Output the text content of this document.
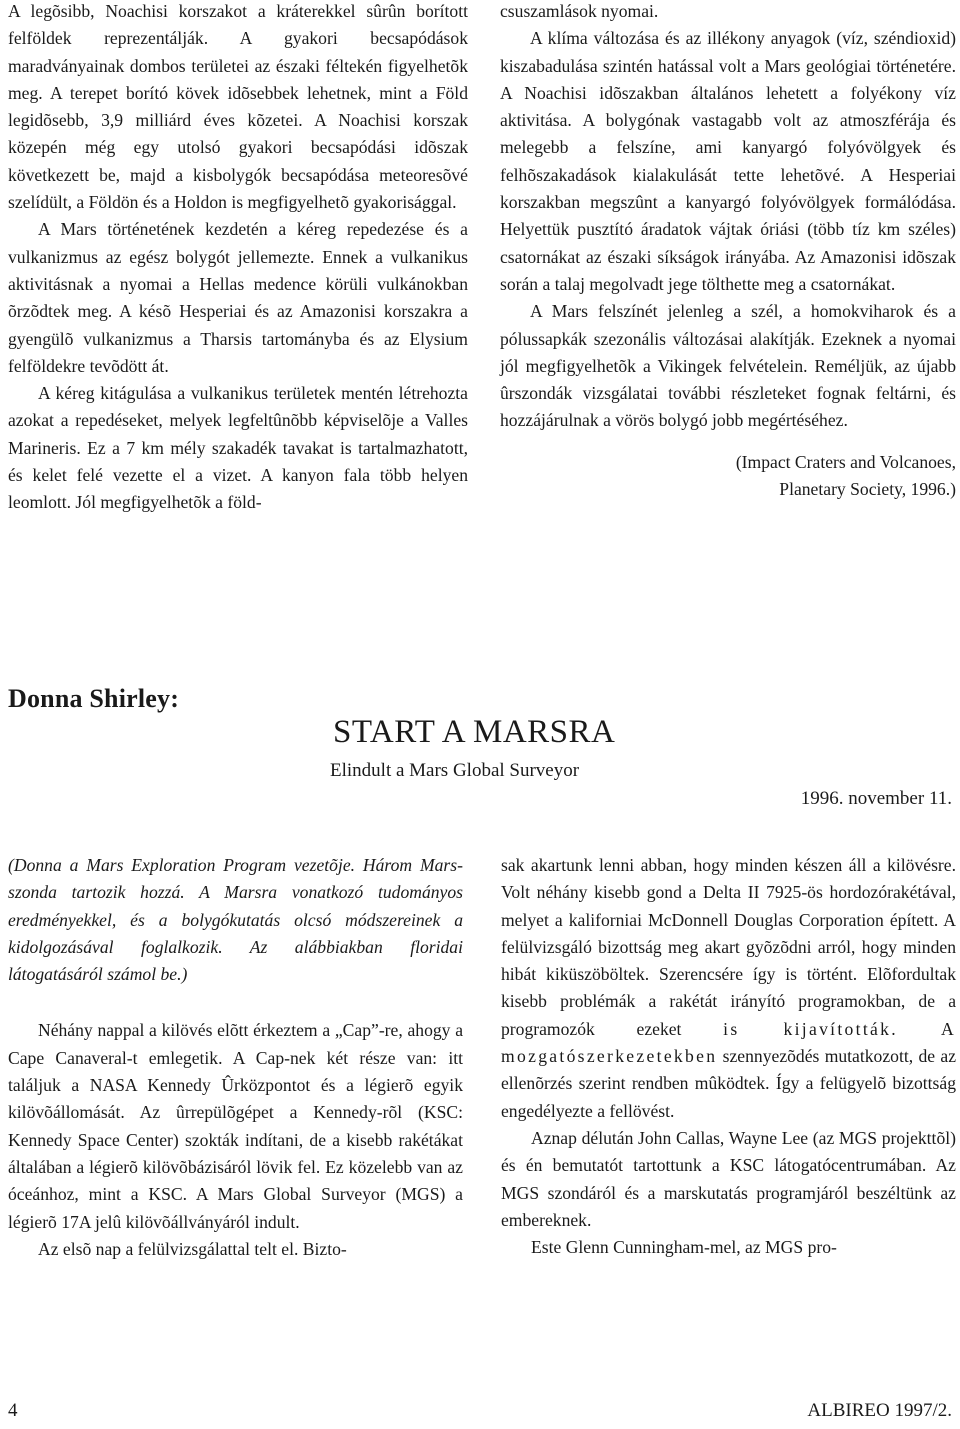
A legõsibb, Noachisi korszakot a kráterekkel sûrûn borított felföldek reprezentálják. A gyakori becsapódások maradványainak dombos területei az északi féltekén figyelhetõk meg. A terepet borító kövek idõsebbek lehetnek, mint a Föld legidõsebb, 3,9 milliárd éves kõzetei. A Noachisi korszak közepén még egy utolsó gyakori becsapódási idõszak következett be, majd a kisbolygók becsapódása meteoresõvé szelídült, a Földön és a Holdon is megfigyelhetõ gyakorisággal.

A Mars történetének kezdetén a kéreg repedezése és a vulkanizmus az egész bolygót jellemezte. Ennek a vulkanikus aktivitásnak a nyomai a Hellas medence körüli vulkánokban õrzõdtek meg. A késõ Hesperiai és az Amazonisi korszakra a gyengülõ vulkanizmus a Tharsis tartományba és az Elysium felföldekre tevõdött át.

A kéreg kitágulása a vulkanikus területek mentén létrehozta azokat a repedéseket, melyek legfeltûnõbb képviselõje a Valles Marineris. Ez a 7 km mély szakadék tavakat is tartalmazhatott, és kelet felé vezette el a vizet. A kanyon fala több helyen leomlott. Jól megfigyelhetõk a föld-

csuszamlások nyomai.

A klíma változása és az illékony anyagok (víz, széndioxid) kiszabadulása szintén hatással volt a Mars geológiai történetére. A Noachisi idõszakban általános lehetett a folyékony víz aktivitása. A bolygónak vastagabb volt az atmoszférája és melegebb a felszíne, ami kanyargó folyóvölgyek és felhõszakadások kialakulását tette lehetõvé. A Hesperiai korszakban megszûnt a kanyargó folyóvölgyek formálódása. Helyettük pusztító áradatok vájtak óriási (több tíz km széles) csatornákat az északi síkságok irányába. Az Amazonisi idõszak során a talaj megolvadt jege tölthette meg a csatornákat.

A Mars felszínét jelenleg a szél, a homokviharok és a pólussapkák szezonális változásai alakítják. Ezeknek a nyomai jól megfigyelhetõk a Vikingek felvételein. Reméljük, az újabb ûrszondák vizsgálatai további részleteket fognak feltárni, és hozzájárulnak a vörös bolygó jobb megértéséhez.

(Impact Craters and Volcanoes,

Planetary Society, 1996.)

Donna Shirley:
START A MARSRA
Elindult a Mars Global Surveyor
1996. november 11.

(Donna a Mars Exploration Program vezetõje. Három Mars-szonda tartozik hozzá. A Marsra vonatkozó tudományos eredményekkel, és a bolygókutatás olcsó módszereinek a kidolgozásával foglalkozik. Az alábbiakban floridai látogatásáról számol be.)

Néhány nappal a kilövés elõtt érkeztem a „Cap”-re, ahogy a Cape Canaveral-t emlegetik. A Cap-nek két része van: itt találjuk a NASA Kennedy Ûrközpontot és a légierõ egyik kilövõállomását. Az ûrrepülõgépet a Kennedy-rõl (KSC: Kennedy Space Center) szokták indítani, de a kisebb rakétákat általában a légierõ kilövõbázisáról lövik fel. Ez közelebb van az óceánhoz, mint a KSC. A Mars Global Surveyor (MGS) a légierõ 17A jelû kilövõállványáról indult.

Az elsõ nap a felülvizsgálattal telt el. Bizto-

sak akartunk lenni abban, hogy minden készen áll a kilövésre. Volt néhány kisebb gond a Delta II 7925-ös hordozórakétával, melyet a kaliforniai McDonnell Douglas Corporation épített. A felülvizsgáló bizottság meg akart gyõzõdni arról, hogy minden hibát kiküszöböltek. Szerencsére így is történt. Elõfordultak kisebb problémák a rakétát irányító programokban, de a programozók ezeket is kijavították. A mozgatószerkezetekben szennyezõdés mutatkozott, de az ellenõrzés szerint rendben mûködtek. Így a felügyelõ bizottság engedélyezte a fellövést.

Aznap délután John Callas, Wayne Lee (az MGS projekttõl) és én bemutatót tartottunk a KSC látogatócentrumában. Az MGS szondáról és a marskutatás programjáról beszéltünk az embereknek.

Este Glenn Cunningham-mel, az MGS pro-

4	ALBIREO 1997/2.
